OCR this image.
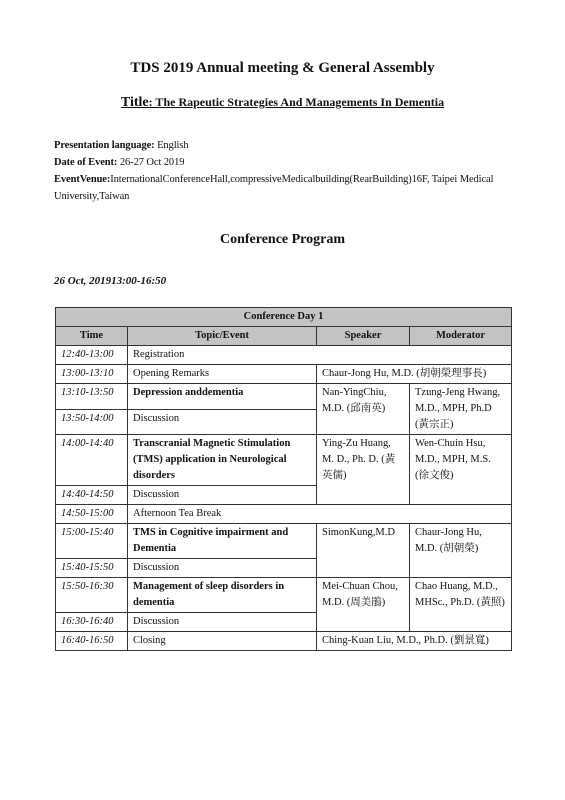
TDS 2019 Annual meeting & General Assembly
Title: The Rapeutic Strategies And Managements In Dementia
Presentation language: English
Date of Event: 26-27 Oct 2019
EventVenue:InternationalConferenceHall,compressiveMedicalbuilding(RearBuilding)16F, Taipei Medical University,Taiwan
Conference Program
26 Oct, 201913:00-16:50
Conference Day 1			
Time	Topic/Event	Speaker	Moderator
12:40-13:00	Registration		
13:00-13:10	Opening Remarks	Chaur-Jong Hu, M.D. (胡朝榮理事長)	
13:10-13:50	Depression anddementia	Nan-YingChiu, M.D. (邱南英)	Tzung-Jeng Hwang, M.D., MPH, Ph.D (黃宗正)
13:50-14:00	Discussion		
14:00-14:40	Transcranial Magnetic Stimulation (TMS) application in Neurological disorders	Ying-Zu Huang, M. D., Ph. D. (黃英儒)	Wen-Chuin Hsu, M.D., MPH, M.S. (徐文俊)
14:40-14:50	Discussion		
14:50-15:00	Afternoon Tea Break		
15:00-15:40	TMS in Cognitive impairment and Dementia	SimonKung,M.D	Chaur-Jong Hu, M.D. (胡朝榮)
15:40-15:50	Discussion		
15:50-16:30	Management of sleep disorders in dementia	Mei-Chuan Chou, M.D. (周美鵑)	Chao Huang, M.D., MHSc., Ph.D. (黃照)
16:30-16:40	Discussion		
16:40-16:50	Closing	Ching-Kuan Liu, M.D., Ph.D. (劉景寬)	
